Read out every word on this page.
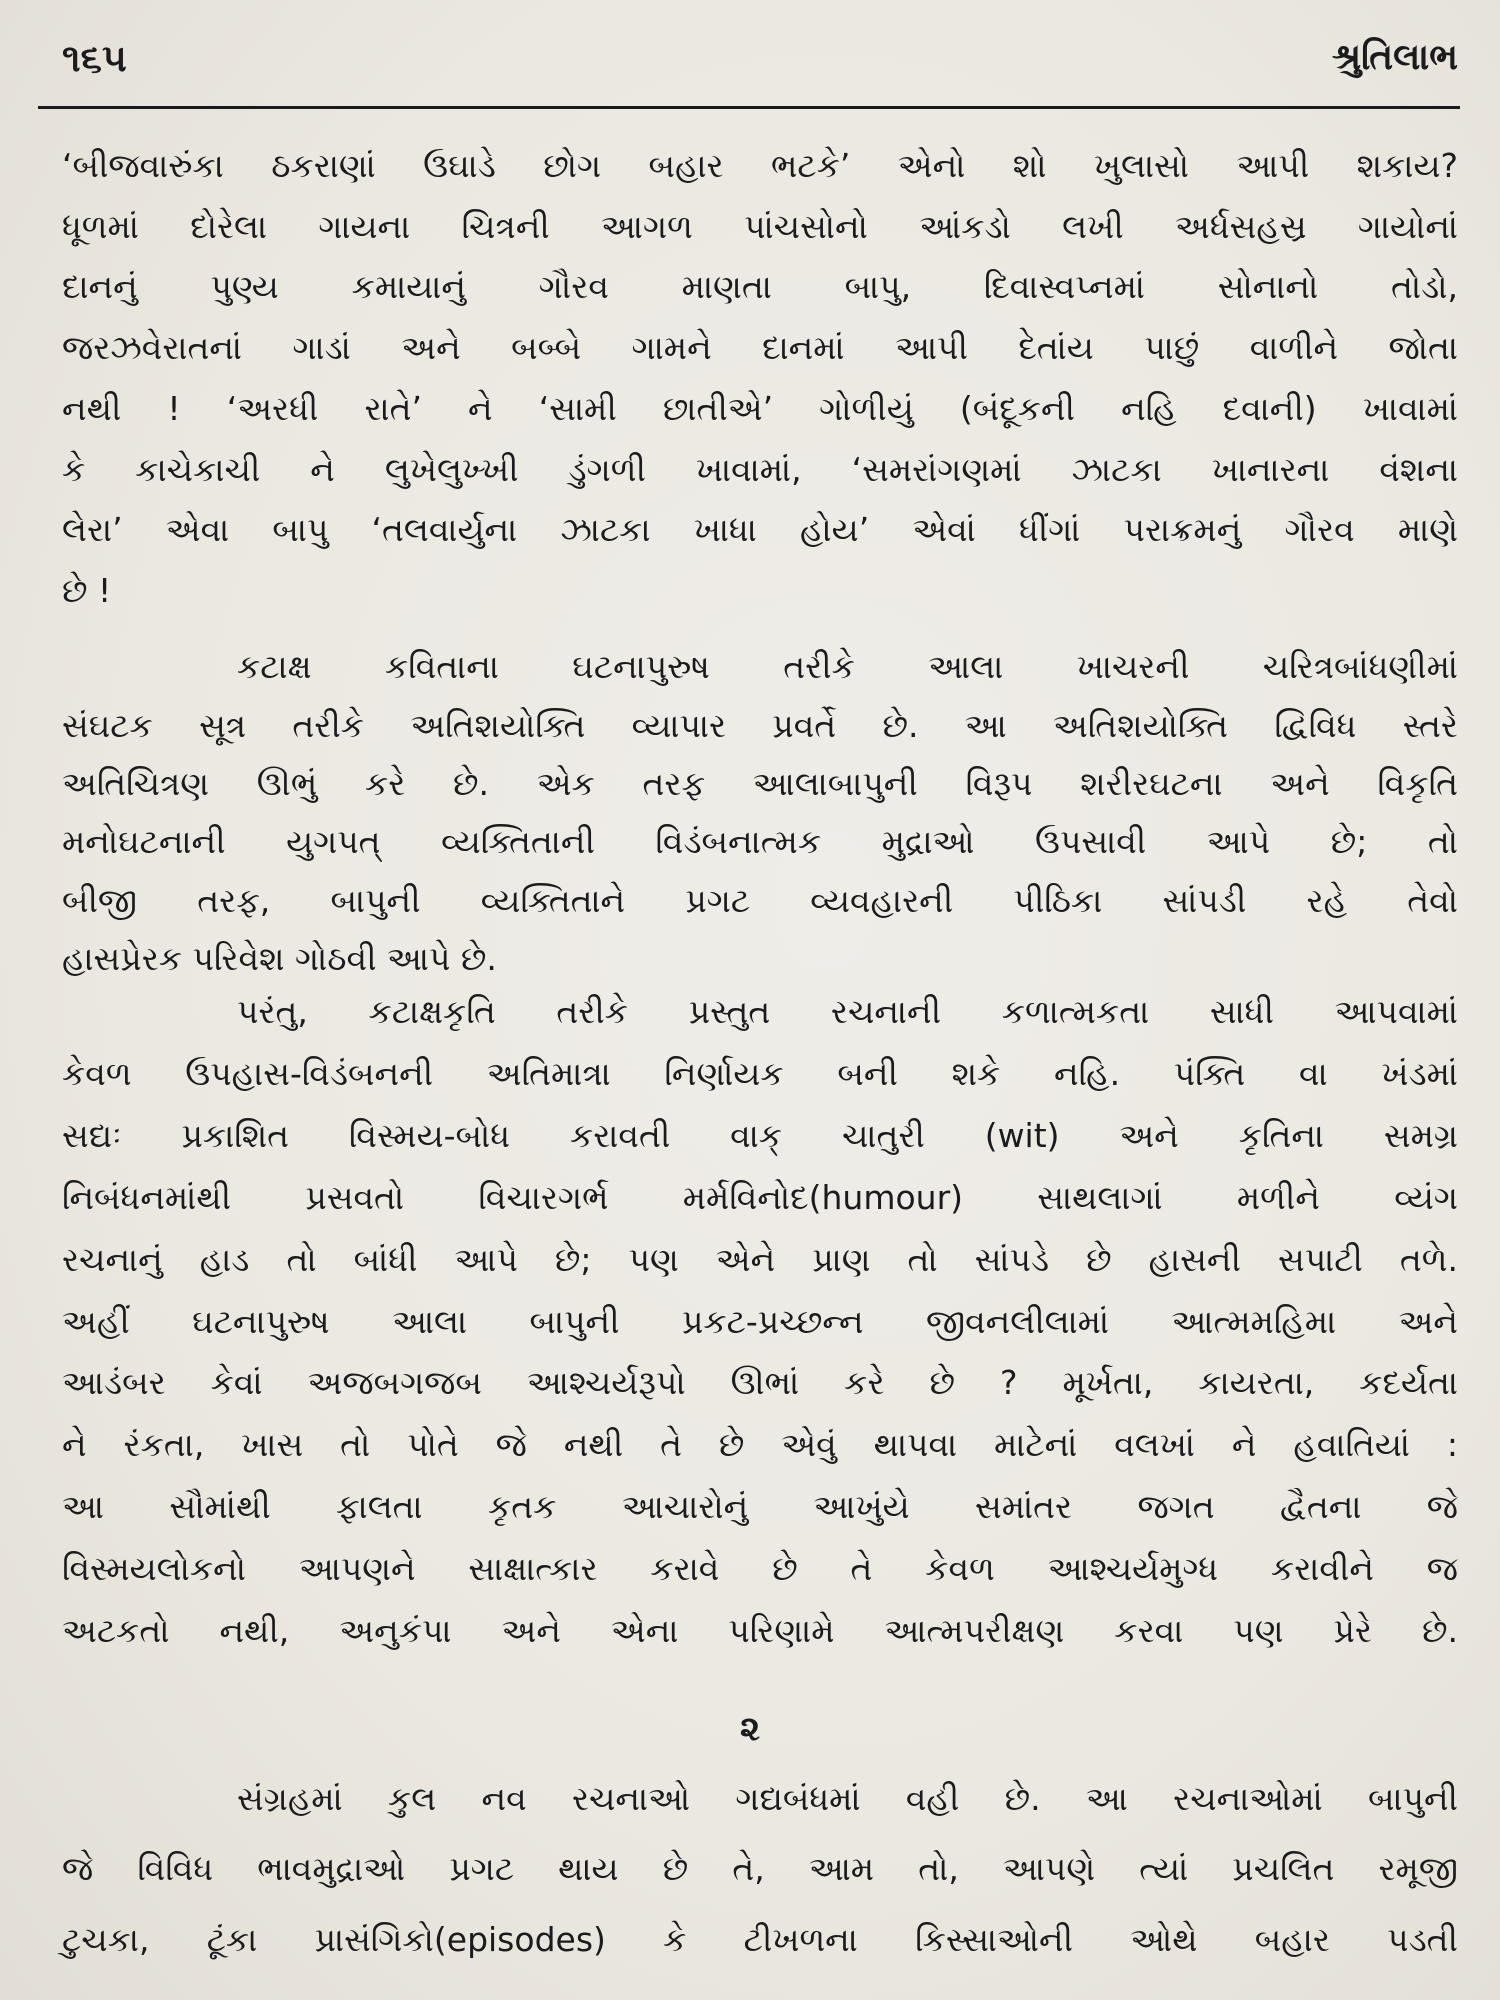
૧૬૫	શ્રુતિલાભ
‘બીજવારુંકા ઠકરાણાં ઉઘાડે છોગ બહાર ભટકે’ એનો શો ખુલાસો આપી શકાય?
ધૂળમાં દોરેલા ગાયના ચિત્રની આગળ પાંચસોનો આંકડો લખી અર્ધસહસ્ર ગાયોનાં
દાનનું પુણ્ય કમાયાનું ગૌરવ માણતા બાપુ, દિવાસ્વપ્નમાં સોનાનો તોડો,
જરઝવેરાતનાં ગાડાં અને બબ્બે ગામને દાનમાં આપી દેતાંય પાછું વાળીને જોતા
નથી ! ‘અરધી રાતે’ ને ‘સામી છાતીએ’ ગોળીયું (બંદૂકની નહિ દવાની) ખાવામાં
કે કાચેકાચી ને લુખેલુખ્ખી ડુંગળી ખાવામાં, ‘સમરાંગણમાં ઝાટકા ખાનારના વંશના
લેરા’ એવા બાપુ ‘તલવાર્યુના ઝાટકા ખાધા હોય’ એવાં ધીંગાં પરાક્રમનું ગૌરવ માણે
છે !
કટાક્ષ કવિતાના ઘટનાપુરુષ તરીકે આલા ખાચરની ચરિત્રબાંધણીમાં
સંઘટક સૂત્ર તરીકે અતિશયોક્તિ વ્યાપાર પ્રવર્તે છે. આ અતિશયોક્તિ દ્વિવિધ સ્તરે
અતિચિત્રણ ઊભું કરે છે. એક તરફ આલાબાપુની વિરૂપ શરીરઘટના અને વિકૃતિ
મનોઘટનાની યુગપત્ વ્યક્તિતાની વિડંબનાત્મક મુદ્રાઓ ઉપસાવી આપે છે; તો
બીજી તરફ, બાપુની વ્યક્તિતાને પ્રગટ વ્યવહારની પીઠિકા સાંપડી રહે તેવો
હાસપ્રેરક પરિવેશ ગોઠવી આપે છે.
પરંતુ, કટાક્ષકૃતિ તરીકે પ્રસ્તુત રચનાની કળાત્મકતા સાધી આપવામાં
કેવળ ઉપહાસ-વિડંબનની અતિમાત્રા નિર્ણાયક બની શકે નહિ. પંક્તિ વા ખંડમાં
સદ્યઃ પ્રકાશિત વિસ્મય-બોધ કરાવતી વાક્ ચાતુરી (wit) અને કૃતિના સમગ્ર
નિબંધનમાંથી પ્રસવતો વિચારગર્ભ મર્મવિનોદ(humour) સાથલાગાં મળીને વ્યંગ
રચનાનું હાડ તો બાંધી આપે છે; પણ એને પ્રાણ તો સાંપડે છે હાસની સપાટી તળે.
અહીં ઘટનાપુરુષ આલા બાપુની પ્રકટ-પ્રચ્છન્ન જીવનલીલામાં આત્મમહિમા અને
આડંબર કેવાં અજબગજબ આશ્ચર્યરૂપો ઊભાં કરે છે ? મૂર્ખતા, કાયરતા, કદર્યતા
ને રંકતા, ખાસ તો પોતે જે નથી તે છે એવું થાપવા માટેનાં વલખાં ને હવાતિયાં :
આ સૌમાંથી ફાલતા કૃતક આચારોનું આખુંયે સમાંતર જગત દ્વૈતના જે
વિસ્મયલોકનો આપણને સાક્ષાત્કાર કરાવે છે તે કેવળ આશ્ચર્યમુગ્ધ કરાવીને જ
અટકતો નથી, અનુકંપા અને એના પરિણામે આત્મપરીક્ષણ કરવા પણ પ્રેરે છે.
૨
સંગ્રહમાં કુલ નવ રચનાઓ ગદ્યબંધમાં વહી છે. આ રચનાઓમાં બાપુની
જે વિવિધ ભાવમુદ્રાઓ પ્રગટ થાય છે તે, આમ તો, આપણે ત્યાં પ્રચલિત રમૂજી
ટુચકા, ટૂંકા પ્રાસંગિકો(episodes) કે ટીખળના કિસ્સાઓની ઓથે બહાર પડતી
